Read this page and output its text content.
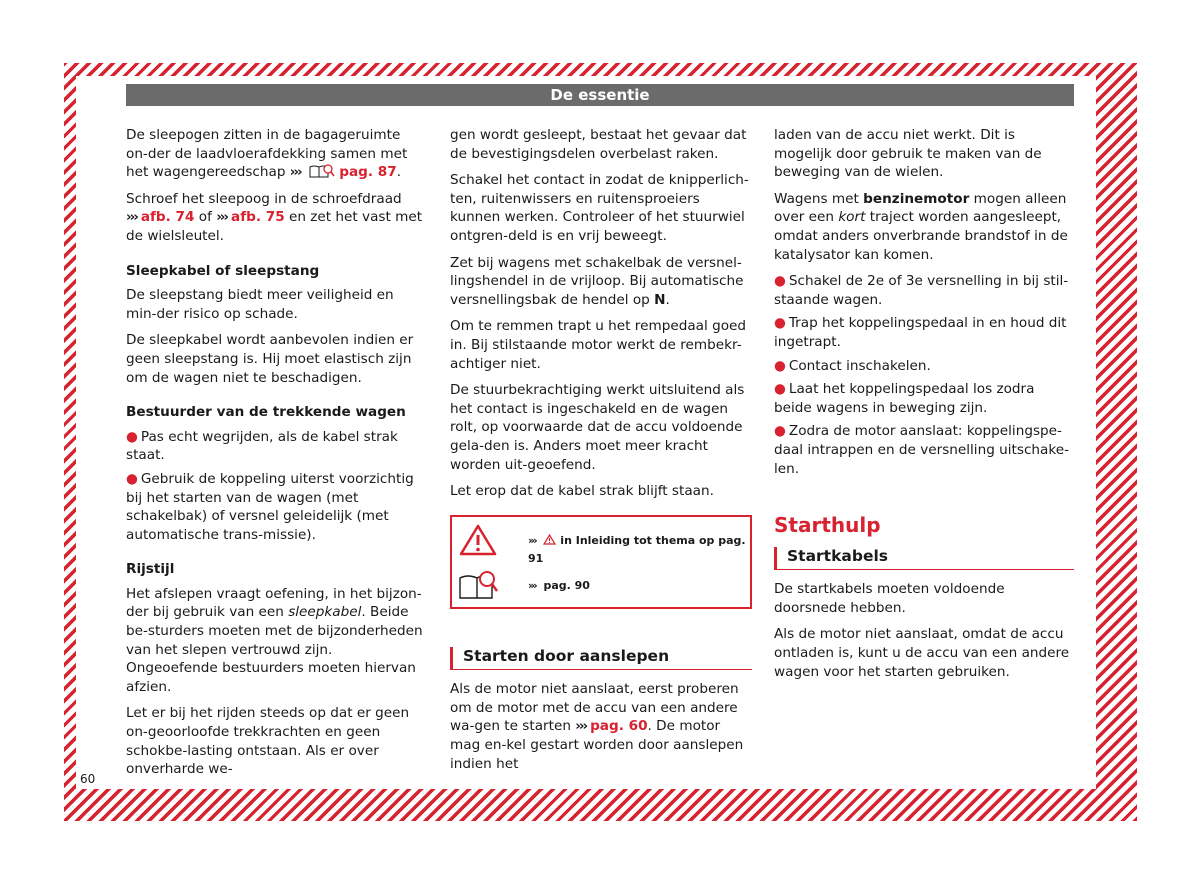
De essentie

De sleepogen zitten in de bagageruimte on-der de laadvloerafdekking samen met het wagengereedschap ›››	pag. 87.

Schroef het sleepoog in de schroefdraad
››› afb. 74 of ››› afb. 75 en zet het vast met de wielsleutel.

Sleepkabel of sleepstang

De sleepstang biedt meer veiligheid en min-der risico op schade.

De sleepkabel wordt aanbevolen indien er geen sleepstang is. Hij moet elastisch zijn om de wagen niet te beschadigen.

Bestuurder van de trekkende wagen

● Pas echt wegrijden, als de kabel strak staat.

● Gebruik de koppeling uiterst voorzichtig bij het starten van de wagen (met schakelbak) of versnel geleidelijk (met automatische trans-missie).

Rijstijl

Het afslepen vraagt oefening, in het bijzon-der bij gebruik van een sleepkabel. Beide be-sturders moeten met de bijzonderheden van het slepen vertrouwd zijn. Ongeoefende bestuurders moeten hiervan afzien.

Let er bij het rijden steeds op dat er geen on-geoorloofde trekkrachten en geen schokbe-lasting ontstaan. Als er over onverharde we-

gen wordt gesleept, bestaat het gevaar dat de bevestigingsdelen overbelast raken.

Schakel het contact in zodat de knipperlich-ten, ruitenwissers en ruitensproeiers kunnen werken. Controleer of het stuurwiel ontgren-deld is en vrij beweegt.

Zet bij wagens met schakelbak de versnel-lingshendel in de vrijloop. Bij automatische versnellingsbak de hendel op N.

Om te remmen trapt u het rempedaal goed in. Bij stilstaande motor werkt de rembekr-achtiger niet.

De stuurbekrachtiging werkt uitsluitend als het contact is ingeschakeld en de wagen rolt, op voorwaarde dat de accu voldoende gela-den is. Anders moet meer kracht worden uit-geoefend.

Let erop dat de kabel strak blijft staan.

››› in Inleiding tot thema op pag. 91
››› pag. 90
Starten door aanslepen

Als de motor niet aanslaat, eerst proberen om de motor met de accu van een andere wa-gen te starten ››› pag. 60. De motor mag en-kel gestart worden door aanslepen indien het

laden van de accu niet werkt. Dit is mogelijk door gebruik te maken van de beweging van de wielen.

Wagens met benzinemotor mogen alleen over een kort traject worden aangesleept, omdat anders onverbrande brandstof in de katalysator kan komen.

● Schakel de 2e of 3e versnelling in bij stil-staande wagen.

● Trap het koppelingspedaal in en houd dit ingetrapt.

● Contact inschakelen.

● Laat het koppelingspedaal los zodra beide wagens in beweging zijn.

● Zodra de motor aanslaat: koppelingspe-daal intrappen en de versnelling uitschake-len.

Starthulp
Startkabels

De startkabels moeten voldoende doorsnede hebben.

Als de motor niet aanslaat, omdat de accu ontladen is, kunt u de accu van een andere wagen voor het starten gebruiken.

60
